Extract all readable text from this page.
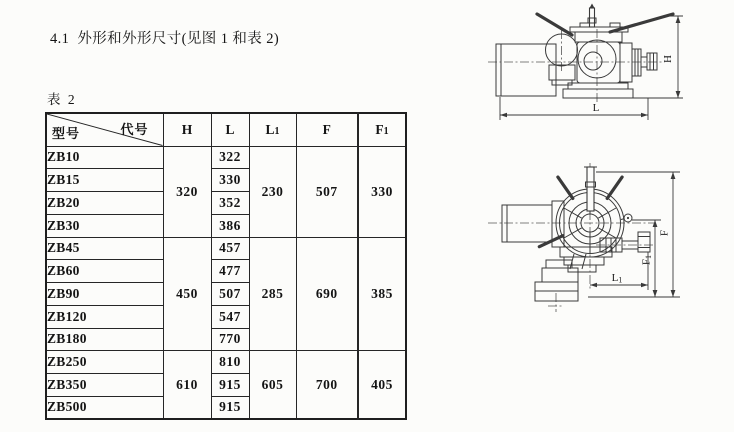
4.1  外形和外形尺寸(见图 1 和表 2)
表 2
型号 代号	H	L	L1	F	F1
ZB10	320	322	230	507	330
ZB15		330			
ZB20		352			
ZB30		386			
ZB45	450	457	285	690	385
ZB60		477			
ZB90		507			
ZB120		547			
ZB180		770			
ZB250	610	810	605	700	405
ZB350		915			
ZB500		915			
H
L
F
F1
L1
